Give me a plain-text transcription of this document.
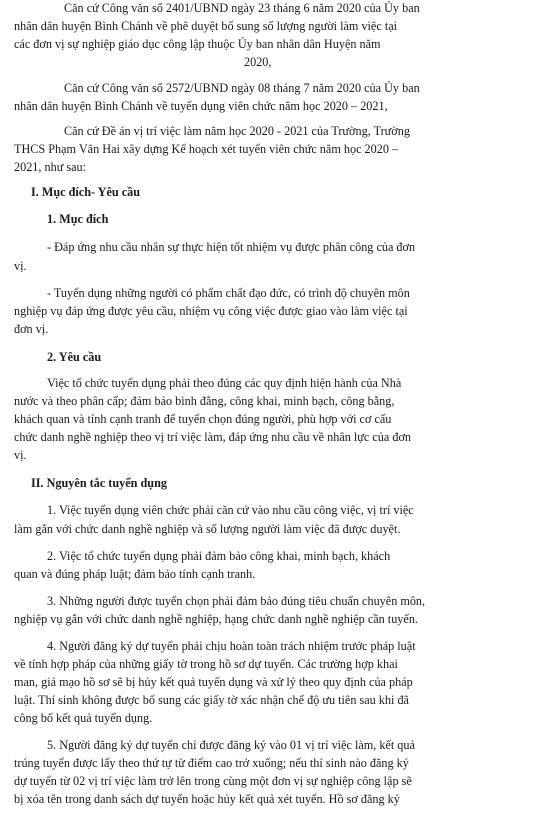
Căn cứ Công văn số 2401/UBND ngày 23 tháng 6 năm 2020 của Ủy ban
nhân dân huyện Bình Chánh về phê duyệt bổ sung số lượng người làm việc tại
các đơn vị sự nghiệp giáo dục công lập thuộc Ủy ban nhân dân Huyện năm
2020,
Căn cứ Công văn số 2572/UBND ngày 08 tháng 7 năm 2020 của Ủy ban
nhân dân huyện Bình Chánh về tuyển dụng viên chức năm học 2020 – 2021,
Căn cứ Đề án vị trí việc làm năm học 2020 - 2021 của Trường, Trường
THCS Phạm Văn Hai xây dựng Kế hoạch xét tuyển viên chức năm học 2020 –
2021, như sau:
I. Mục đích- Yêu cầu
1. Mục đích
- Đáp ứng nhu cầu nhân sự thực hiện tốt nhiệm vụ được phân công của đơn
vị.
- Tuyển dụng những người có phẩm chất đạo đức, có trình độ chuyên môn
nghiệp vụ đáp ứng được yêu cầu, nhiệm vụ công việc được giao vào làm việc tại
đơn vị.
2. Yêu cầu
Việc tổ chức tuyển dụng phải theo đúng các quy định hiện hành của Nhà
nước và theo phân cấp; đảm bảo bình đẳng, công khai, minh bạch, công bằng,
khách quan và tính cạnh tranh để tuyển chọn đúng người, phù hợp với cơ cấu
chức danh nghề nghiệp theo vị trí việc làm, đáp ứng nhu cầu về nhân lực của đơn
vị.
II. Nguyên tắc tuyển dụng
1. Việc tuyển dụng viên chức phải căn cứ vào nhu cầu công việc, vị trí việc
làm gắn với chức danh nghề nghiệp và số lượng người làm việc đã được duyệt.
2. Việc tổ chức tuyển dụng phải đảm bảo công khai, minh bạch, khách
quan và đúng pháp luật; đảm bảo tính cạnh tranh.
3. Những người được tuyển chọn phải đảm bảo đúng tiêu chuẩn chuyên môn,
nghiệp vụ gắn với chức danh nghề nghiệp, hạng chức danh nghề nghiệp cần tuyển.
4. Người đăng ký dự tuyển phải chịu hoàn toàn trách nhiệm trước pháp luật
về tính hợp pháp của những giấy tờ trong hồ sơ dự tuyển. Các trường hợp khai
man, giả mạo hồ sơ sẽ bị hủy kết quả tuyển dụng và xử lý theo quy định của pháp
luật. Thí sinh không được bổ sung các giấy tờ xác nhận chế độ ưu tiên sau khi đã
công bố kết quả tuyển dụng.
5. Người đăng ký dự tuyển chỉ được đăng ký vào 01 vị trí việc làm, kết quả
trúng tuyển được lấy theo thứ tự từ điểm cao trở xuống; nếu thí sinh nào đăng ký
dự tuyển từ 02 vị trí việc làm trở lên trong cùng một đơn vị sự nghiệp công lập sẽ
bị xóa tên trong danh sách dự tuyển hoặc hủy kết quả xét tuyển. Hồ sơ đăng ký
